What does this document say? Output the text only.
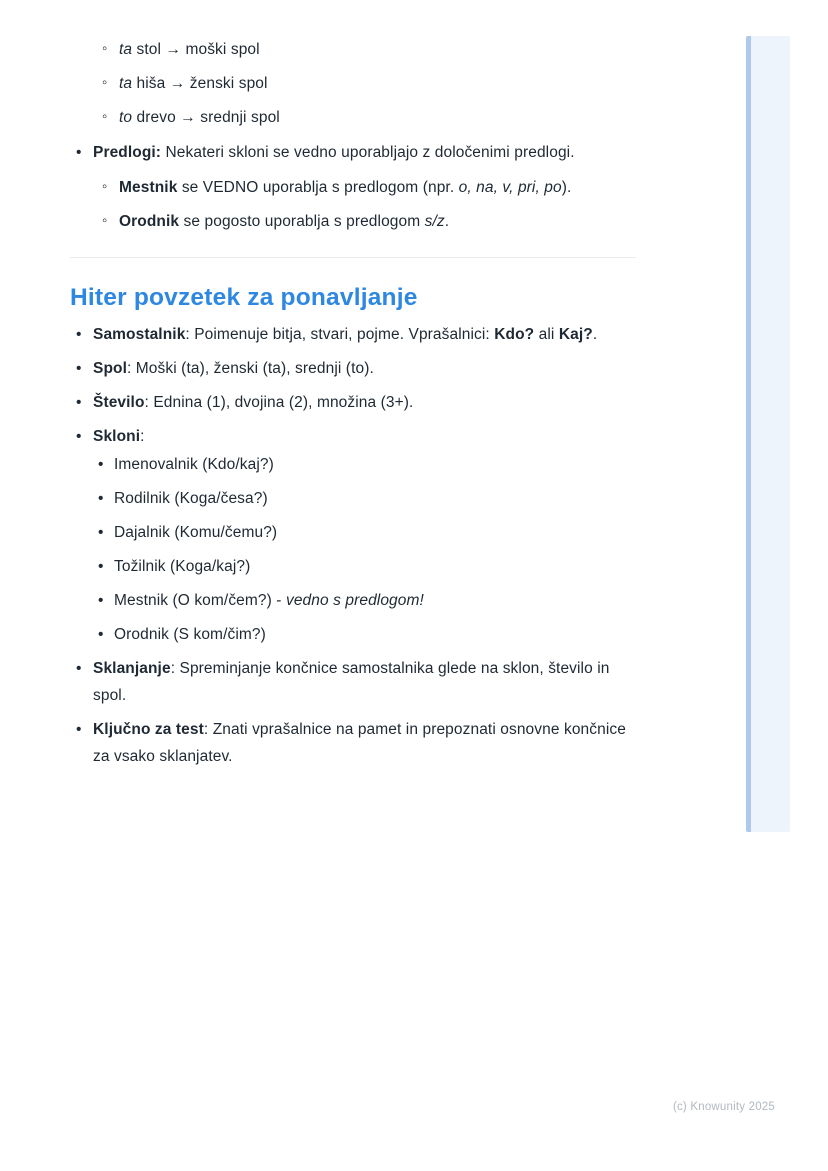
◦ ta stol → moški spol
◦ ta hiša → ženski spol
◦ to drevo → srednji spol
• Predlogi: Nekateri skloni se vedno uporabljajo z določenimi predlogi.
◦ Mestnik se VEDNO uporablja s predlogom (npr. o, na, v, pri, po).
◦ Orodnik se pogosto uporablja s predlogom s/z.
Hiter povzetek za ponavljanje
• Samostalnik: Poimenuje bitja, stvari, pojme. Vprašalnici: Kdo? ali Kaj?.
• Spol: Moški (ta), ženski (ta), srednji (to).
• Število: Ednina (1), dvojina (2), množina (3+).
• Skloni:
• Imenovalnik (Kdo/kaj?)
• Rodilnik (Koga/česa?)
• Dajalnik (Komu/čemu?)
• Tožilnik (Koga/kaj?)
• Mestnik (O kom/čem?) - vedno s predlogom!
• Orodnik (S kom/čim?)
• Sklanjanje: Spreminjanje končnice samostalnika glede na sklon, število in spol.
• Ključno za test: Znati vprašalnice na pamet in prepoznati osnovne končnice za vsako sklanjatev.
(c) Knowunity 2025
